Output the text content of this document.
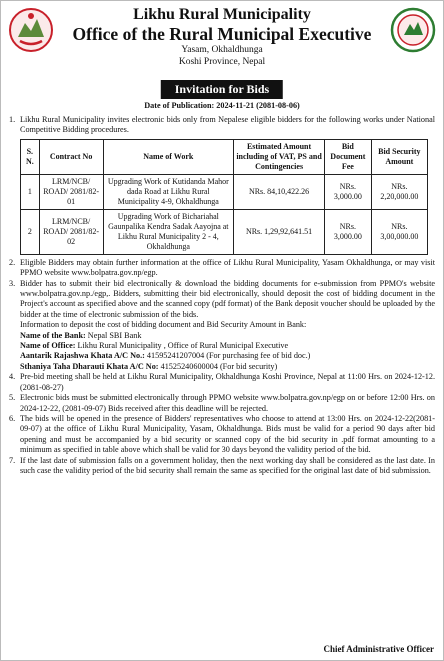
Likhu Rural Municipality
Office of the Rural Municipal Executive
Yasam, Okhaldhunga
Koshi Province, Nepal
Invitation for Bids
Date of Publication: 2024-11-21 (2081-08-06)
1. Likhu Rural Municipality invites electronic bids only from Nepalese eligible bidders for the following works under National Competitive Bidding procedures.
S. N.	Contract No	Name of Work	Estimated Amount including of VAT, PS and Contingencies	Bid Document Fee	Bid Security Amount
1	LRM/NCB/ ROAD/ 2081/82-01	Upgrading Work of Kutidanda Mahor dada Road at Likhu Rural Municipality 4-9, Okhaldhunga	NRs. 84,10,422.26	NRs. 3,000.00	NRs. 2,20,000.00
2	LRM/NCB/ ROAD/ 2081/82-02	Upgrading Work of Bichariahal Gaunpalika Kendra Sadak Aayojna at Likhu Rural Municipality 2 - 4, Okhaldhunga	NRs. 1,29,92,641.51	NRs. 3,000.00	NRs. 3,00,000.00
2. Eligible Bidders may obtain further information at the office of Likhu Rural Municipality, Yasam Okhaldhunga, or may visit PPMO website www.bolpatra.gov.np/egp.
3. Bidder has to submit their bid electronically & download the bidding documents for e-submission from PPMO's website www.bolpatra.gov.np./egp,. Bidders, submitting their bid electronically, should deposit the cost of bidding document in the Project's account as specified above and the scanned copy (pdf format) of the Bank deposit voucher should be uploaded by the bidder at the time of electronic submission of the bids.
Information to deposit the cost of bidding document and Bid Security Amount in Bank:
Name of the Bank: Nepal SBI Bank
Name of Office: Likhu Rural Municipality , Office of Rural Municipal Executive
Aantarik Rajashwa Khata A/C No.: 41595241207004 (For purchasing fee of bid doc.)
Sthaniya Taha Dharauti Khata A/C No: 41525240600004 (For bid security)
4. Pre-bid meeting shall be held at Likhu Rural Municipality, Okhaldhunga Koshi Province, Nepal at 11:00 Hrs. on 2024-12-12. (2081-08-27)
5. Electronic bids must be submitted electronically through PPMO website www.bolpatra.gov.np/egp on or before 12:00 Hrs. on 2024-12-22, (2081-09-07) Bids received after this deadline will be rejected.
6. The bids will be opened in the presence of Bidders' representatives who choose to attend at 13:00 Hrs. on 2024-12-22(2081-09-07) at the office of Likhu Rural Municipality, Yasam, Okhaldhunga. Bids must be valid for a period 90 days after bid opening and must be accompanied by a bid security or scanned copy of the bid security in .pdf format amounting to a minimum as specified in table above which shall be valid for 30 days beyond the validity period of the bid.
7. If the last date of submission falls on a government holiday, then the next working day shall be considered as the last date. In such case the validity period of the bid security shall remain the same as specified for the original last date of bid submission.
Chief Administrative Officer
